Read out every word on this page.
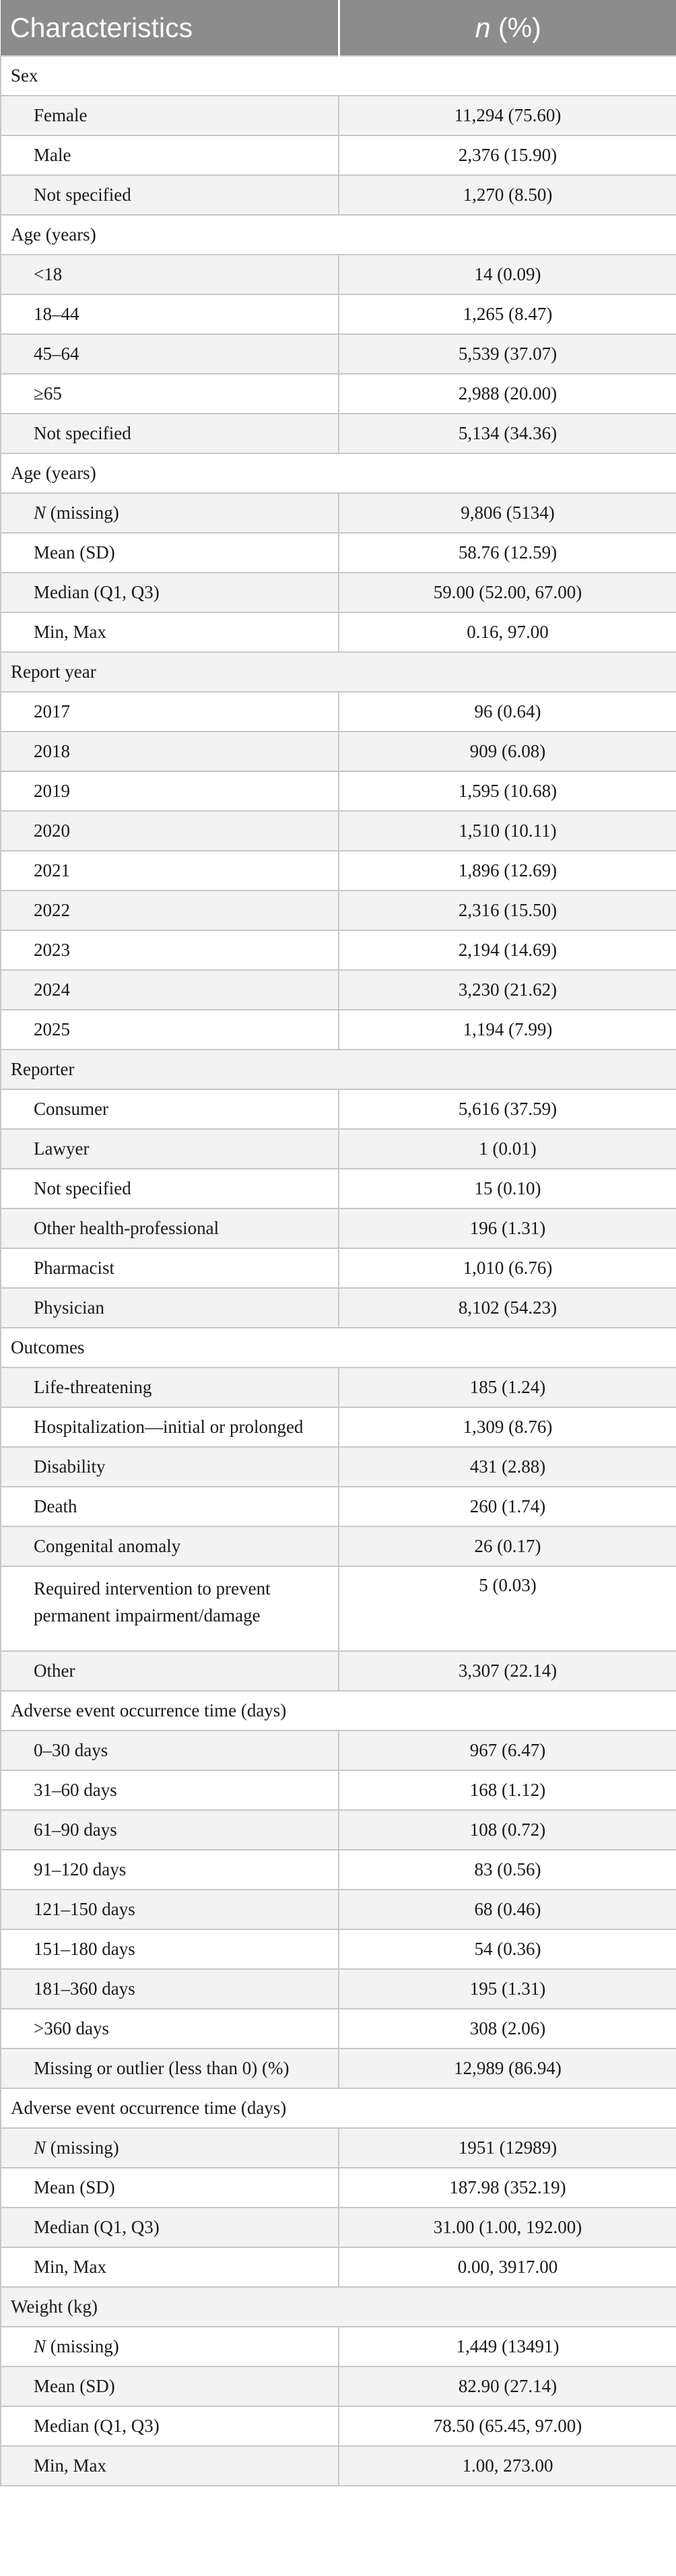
Characteristics	n (%)
Sex	
Female	11,294 (75.60)
Male	2,376 (15.90)
Not specified	1,270 (8.50)
Age (years)	
<18	14 (0.09)
18–44	1,265 (8.47)
45–64	5,539 (37.07)
≥65	2,988 (20.00)
Not specified	5,134 (34.36)
Age (years)	
N (missing)	9,806 (5134)
Mean (SD)	58.76 (12.59)
Median (Q1, Q3)	59.00 (52.00, 67.00)
Min, Max	0.16, 97.00
Report year	
2017	96 (0.64)
2018	909 (6.08)
2019	1,595 (10.68)
2020	1,510 (10.11)
2021	1,896 (12.69)
2022	2,316 (15.50)
2023	2,194 (14.69)
2024	3,230 (21.62)
2025	1,194 (7.99)
Reporter	
Consumer	5,616 (37.59)
Lawyer	1 (0.01)
Not specified	15 (0.10)
Other health-professional	196 (1.31)
Pharmacist	1,010 (6.76)
Physician	8,102 (54.23)
Outcomes	
Life-threatening	185 (1.24)
Hospitalization—initial or prolonged	1,309 (8.76)
Disability	431 (2.88)
Death	260 (1.74)
Congenital anomaly	26 (0.17)
Required intervention to prevent permanent impairment/damage	5 (0.03)
Other	3,307 (22.14)
Adverse event occurrence time (days)	
0–30 days	967 (6.47)
31–60 days	168 (1.12)
61–90 days	108 (0.72)
91–120 days	83 (0.56)
121–150 days	68 (0.46)
151–180 days	54 (0.36)
181–360 days	195 (1.31)
>360 days	308 (2.06)
Missing or outlier (less than 0) (%)	12,989 (86.94)
Adverse event occurrence time (days)	
N (missing)	1951 (12989)
Mean (SD)	187.98 (352.19)
Median (Q1, Q3)	31.00 (1.00, 192.00)
Min, Max	0.00, 3917.00
Weight (kg)	
N (missing)	1,449 (13491)
Mean (SD)	82.90 (27.14)
Median (Q1, Q3)	78.50 (65.45, 97.00)
Min, Max	1.00, 273.00
